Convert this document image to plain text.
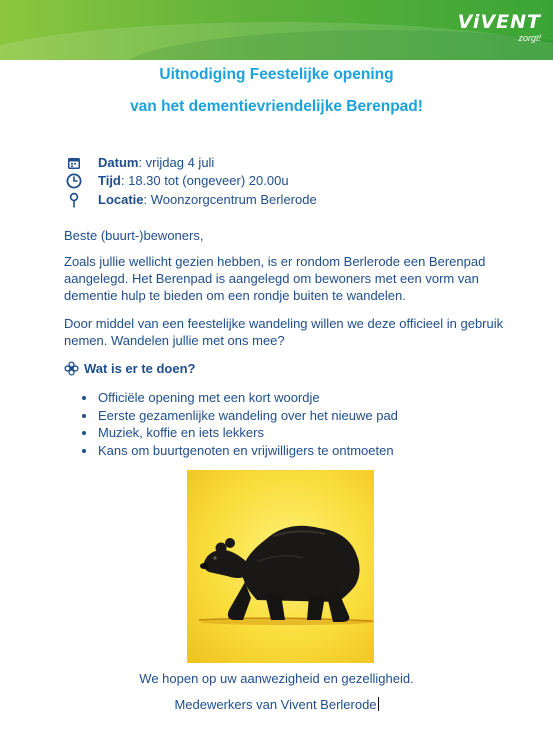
ViVENT
zorgt!
Uitnodiging Feestelijke opening
van het dementievriendelijke Berenpad!
Datum: vrijdag 4 juli
Tijd: 18.30 tot (ongeveer) 20.00u
Locatie: Woonzorgcentrum Berlerode
Beste (buurt-)bewoners,
Zoals jullie wellicht gezien hebben, is er rondom Berlerode een Berenpad aangelegd. Het Berenpad is aangelegd om bewoners met een vorm van dementie hulp te bieden om een rondje buiten te wandelen.
Door middel van een feestelijke wandeling willen we deze officieel in gebruik nemen. Wandelen jullie met ons mee?
Wat is er te doen?
Officiële opening met een kort woordje
Eerste gezamenlijke wandeling over het nieuwe pad
Muziek, koffie en iets lekkers
Kans om buurtgenoten en vrijwilligers te ontmoeten
We hopen op uw aanwezigheid en gezelligheid.
Medewerkers van Vivent Berlerode
